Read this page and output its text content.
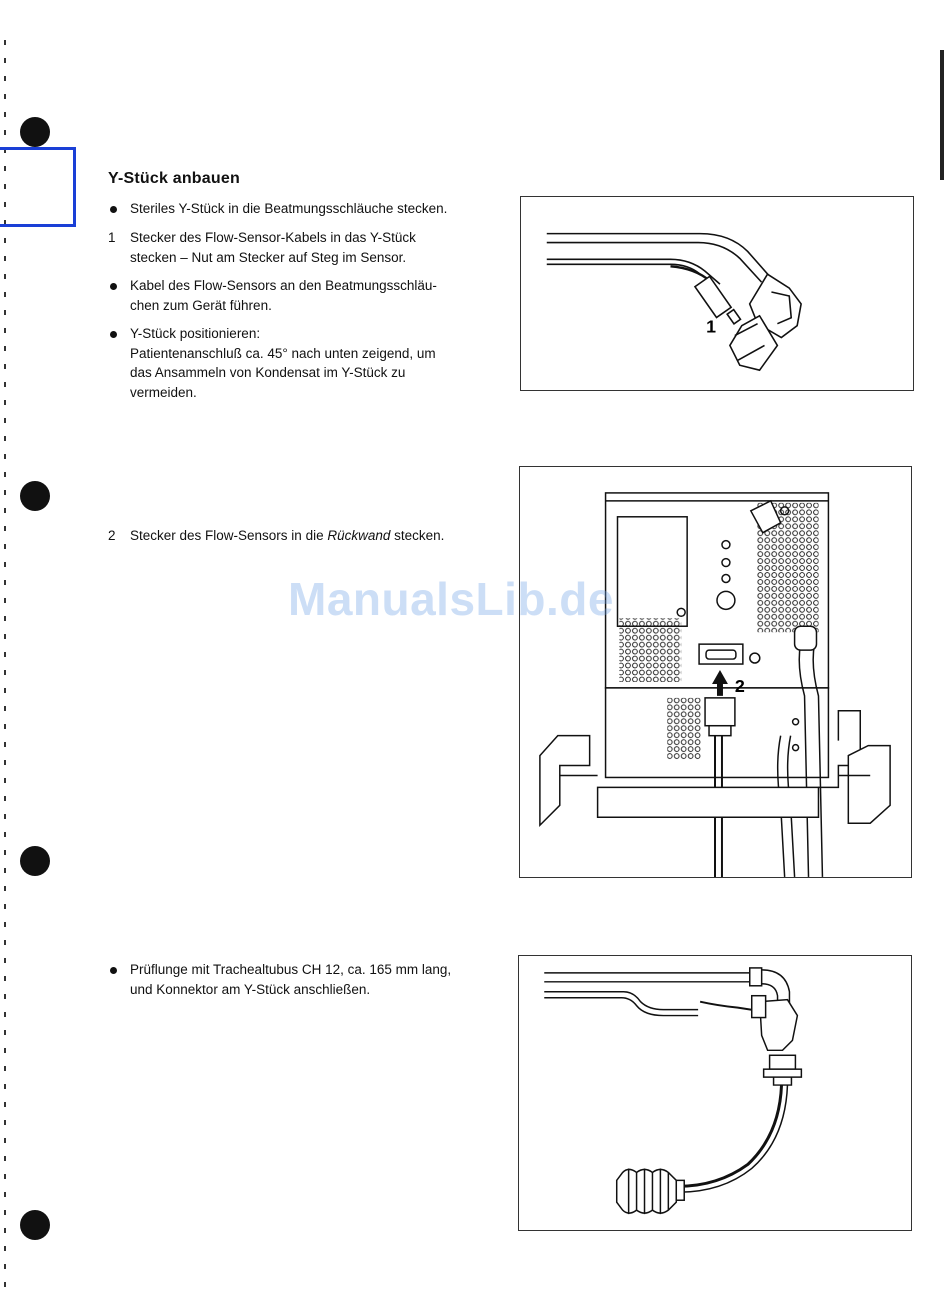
Y-Stück anbauen
Steriles Y-Stück in die Beatmungsschläuche stecken.
1 Stecker des Flow-Sensor-Kabels in das Y-Stück
stecken – Nut am Stecker auf Steg im Sensor.
Kabel des Flow-Sensors an den Beatmungsschläu-
chen zum Gerät führen.
Y-Stück positionieren:
Patientenanschluß ca. 45° nach unten zeigend, um
das Ansammeln von Kondensat im Y-Stück zu
vermeiden.
2 Stecker des Flow-Sensors in die Rückwand stecken.
Prüflunge mit Trachealtubus CH 12, ca. 165 mm lang,
und Konnektor am Y-Stück anschließen.
1
2
ManualsLib.de
